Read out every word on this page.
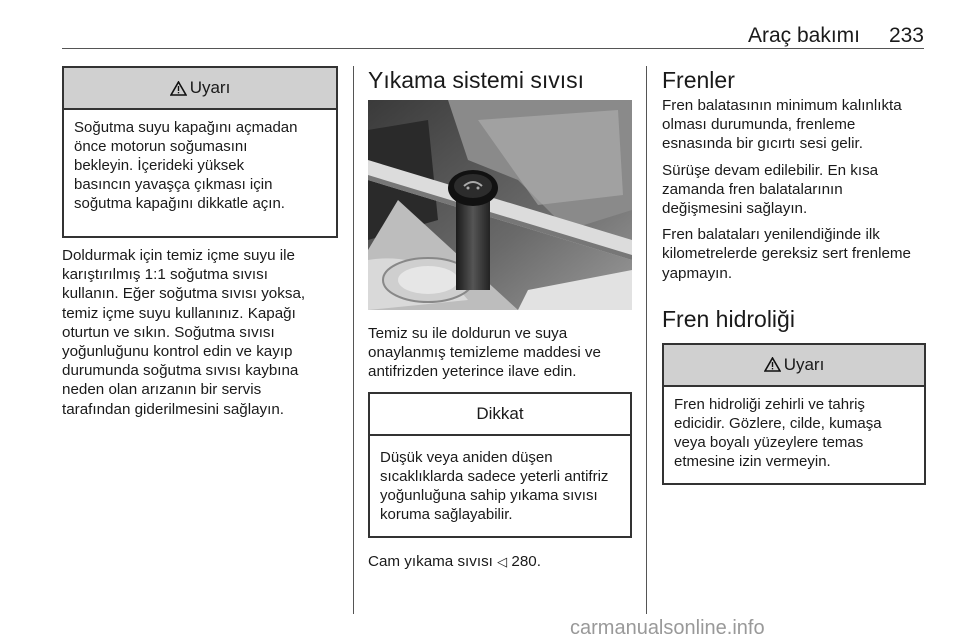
Araç bakımı 233
Uyarı
Soğutma suyu kapağını açmadan
önce motorun soğumasını
bekleyin. İçerideki yüksek
basıncın yavaşça çıkması için
soğutma kapağını dikkatle açın.
Doldurmak için temiz içme suyu ile
karıştırılmış 1:1 soğutma sıvısı
kullanın. Eğer soğutma sıvısı yoksa,
temiz içme suyu kullanınız. Kapağı
oturtun ve sıkın. Soğutma sıvısı
yoğunluğunu kontrol edin ve kayıp
durumunda soğutma sıvısı kaybına
neden olan arızanın bir servis
tarafından giderilmesini sağlayın.
Yıkama sistemi sıvısı
Temiz su ile doldurun ve suya
onaylanmış temizleme maddesi ve
antifrizden yeterince ilave edin.
Dikkat
Düşük veya aniden düşen
sıcaklıklarda sadece yeterli antifriz
yoğunluğuna sahip yıkama sıvısı
koruma sağlayabilir.
Cam yıkama sıvısı ◁ 280.
Frenler
Fren balatasının minimum kalınlıkta
olması durumunda, frenleme
esnasında bir gıcırtı sesi gelir.
Sürüşe devam edilebilir. En kısa
zamanda fren balatalarının
değişmesini sağlayın.
Fren balataları yenilendiğinde ilk
kilometrelerde gereksiz sert frenleme
yapmayın.
Fren hidroliği
Uyarı
Fren hidroliği zehirli ve tahriş
edicidir. Gözlere, cilde, kumaşa
veya boyalı yüzeylere temas
etmesine izin vermeyin.
carmanualsonline.info
